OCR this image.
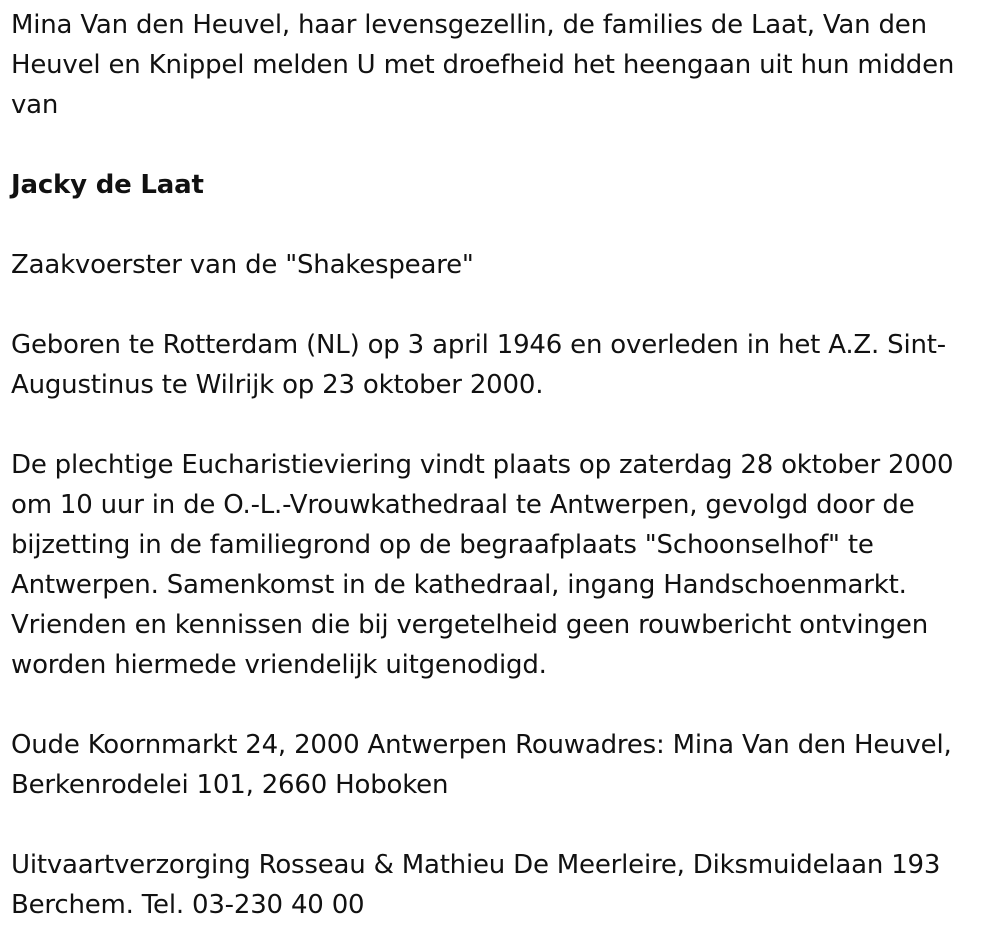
Mina Van den Heuvel, haar levensgezellin, de families de Laat, Van den Heuvel en Knippel melden U met droefheid het heengaan uit hun midden van

Jacky de Laat

Zaakvoerster van de "Shakespeare"

Geboren te Rotterdam (NL) op 3 april 1946 en overleden in het A.Z. Sint-Augustinus te Wilrijk op 23 oktober 2000.

De plechtige Eucharistieviering vindt plaats op zaterdag 28 oktober 2000 om 10 uur in de O.-L.-Vrouwkathedraal te Antwerpen, gevolgd door de bijzetting in de familiegrond op de begraafplaats "Schoonselhof" te Antwerpen. Samenkomst in de kathedraal, ingang Handschoenmarkt. Vrienden en kennissen die bij vergetelheid geen rouwbericht ontvingen worden hiermede vriendelijk uitgenodigd.

Oude Koornmarkt 24, 2000 Antwerpen Rouwadres: Mina Van den Heuvel, Berkenrodelei 101, 2660 Hoboken

Uitvaartverzorging Rosseau & Mathieu De Meerleire, Diksmuidelaan 193 Berchem. Tel. 03-230 40 00
